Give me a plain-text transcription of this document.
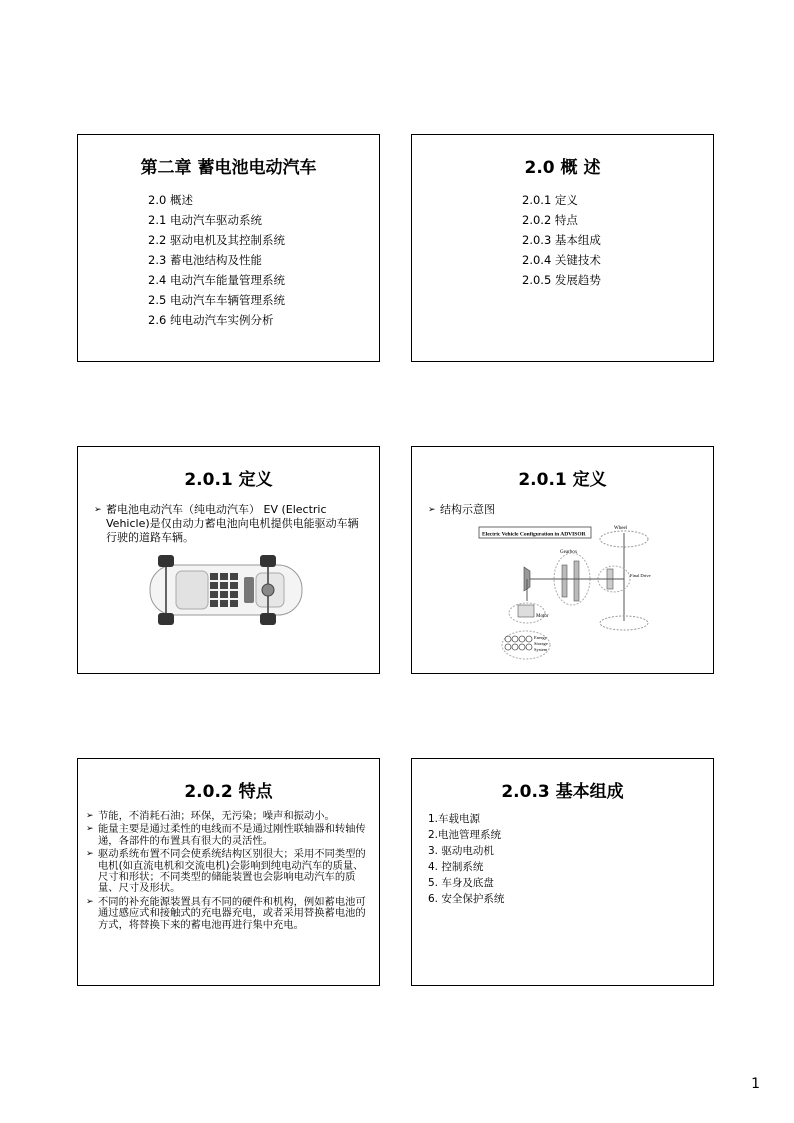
第二章 蓄电池电动汽车
2.0 概述
2.1 电动汽车驱动系统
2.2 驱动电机及其控制系统
2.3 蓄电池结构及性能
2.4 电动汽车能量管理系统
2.5 电动汽车车辆管理系统
2.6 纯电动汽车实例分析
2.0 概 述
2.0.1 定义
2.0.2 特点
2.0.3 基本组成
2.0.4 关键技术
2.0.5 发展趋势
2.0.1 定义
➢ 蓄电池电动汽车（纯电动汽车） EV (Electric Vehicle)是仅由动力蓄电池向电机提供电能驱动车辆行驶的道路车辆。
2.0.1 定义
➢ 结构示意图
Electric Vehicle Configuration in ADVISOR
Wheel
Gearbox
Final Drive
Motor
Energy
Storage
System
2.0.2 特点
➢ 节能，不消耗石油；环保，无污染；噪声和振动小。
➢ 能量主要是通过柔性的电线而不是通过刚性联轴器和转轴传递，各部件的布置具有很大的灵活性。
➢ 驱动系统布置不同会使系统结构区别很大；采用不同类型的电机(如直流电机和交流电机)会影响到纯电动汽车的质量、尺寸和形状；不同类型的储能装置也会影响电动汽车的质量、尺寸及形状。
➢ 不同的补充能源装置具有不同的硬件和机构，例如蓄电池可通过感应式和接触式的充电器充电，或者采用替换蓄电池的方式，将替换下来的蓄电池再进行集中充电。
2.0.3 基本组成
1.车载电源
2.电池管理系统
3. 驱动电动机
4. 控制系统
5. 车身及底盘
6. 安全保护系统
1
